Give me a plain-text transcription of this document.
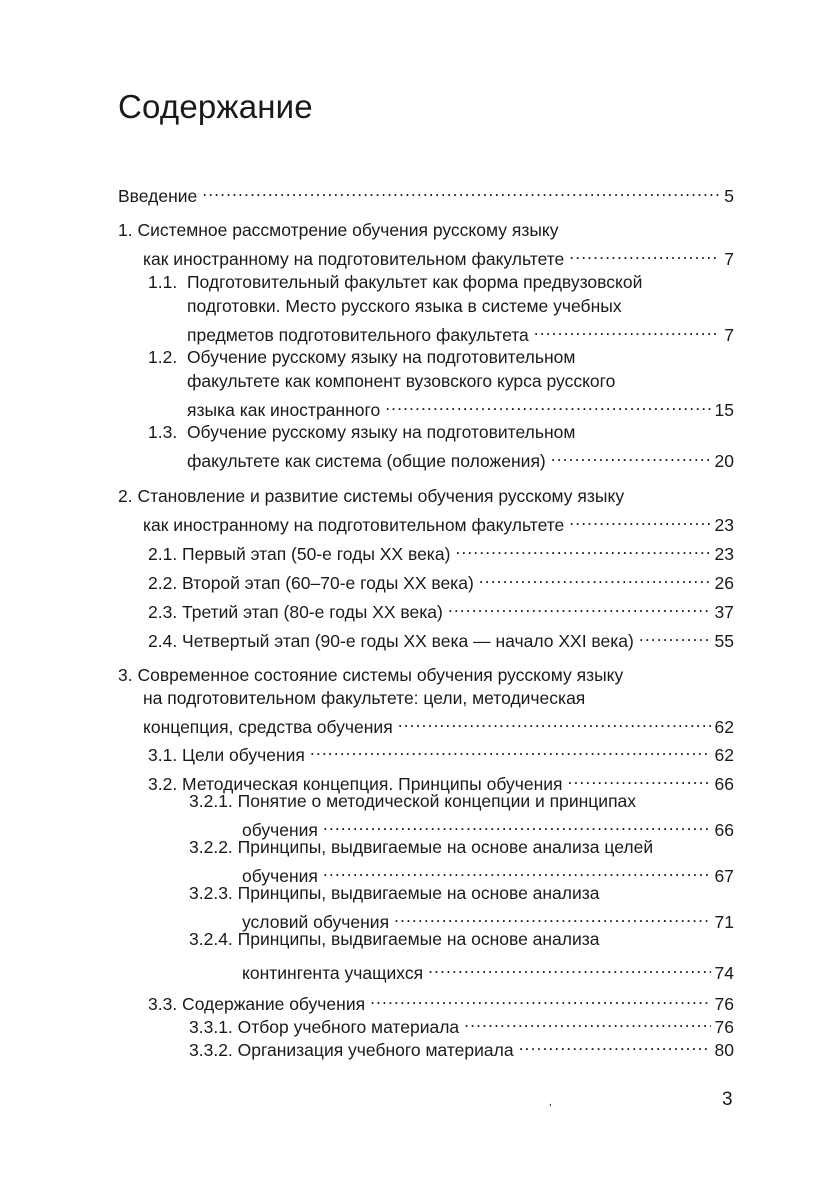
Содержание
Введение .....	5
1.
Системное рассмотрение обучения русскому языку
как иностранному на подготовительном факультете .....	7
1.1.
Подготовительный факультет как форма предвузовской
подготовки. Место русского языка в системе учебных
предметов подготовительного факультета .....	7
1.2.
Обучение русскому языку на подготовительном
факультете как компонент вузовского курса русского
языка как иностранного .....	15
1.3.
Обучение русскому языку на подготовительном
факультете как система (общие положения) .....	20
2.
Становление и развитие системы обучения русскому языку
как иностранному на подготовительном факультете .....	23
2.1. Первый этап (50-е годы XX века) .....	23
2.2. Второй этап (60–70-е годы XX века) .....	26
2.3. Третий этап (80-е годы XX века) .....	37
2.4. Четвертый этап (90-е годы XX века — начало XXI века) .....	55
3.
Современное состояние системы обучения русскому языку
на подготовительном факультете: цели, методическая
концепция, средства обучения .....	62
3.1. Цели обучения .....	62
3.2. Методическая концепция. Принципы обучения .....	66
3.2.1.
Понятие о методической концепции и принципах
обучения .....	66
3.2.2.
Принципы, выдвигаемые на основе анализа целей
обучения .....	67
3.2.3.
Принципы, выдвигаемые на основе анализа
условий обучения .....	71
3.2.4.
Принципы, выдвигаемые на основе анализа
контингента учащихся .....	74
3.3. Содержание обучения .....	76
3.3.1. Отбор учебного материала .....	76
3.3.2. Организация учебного материала .....	80
‚	3
